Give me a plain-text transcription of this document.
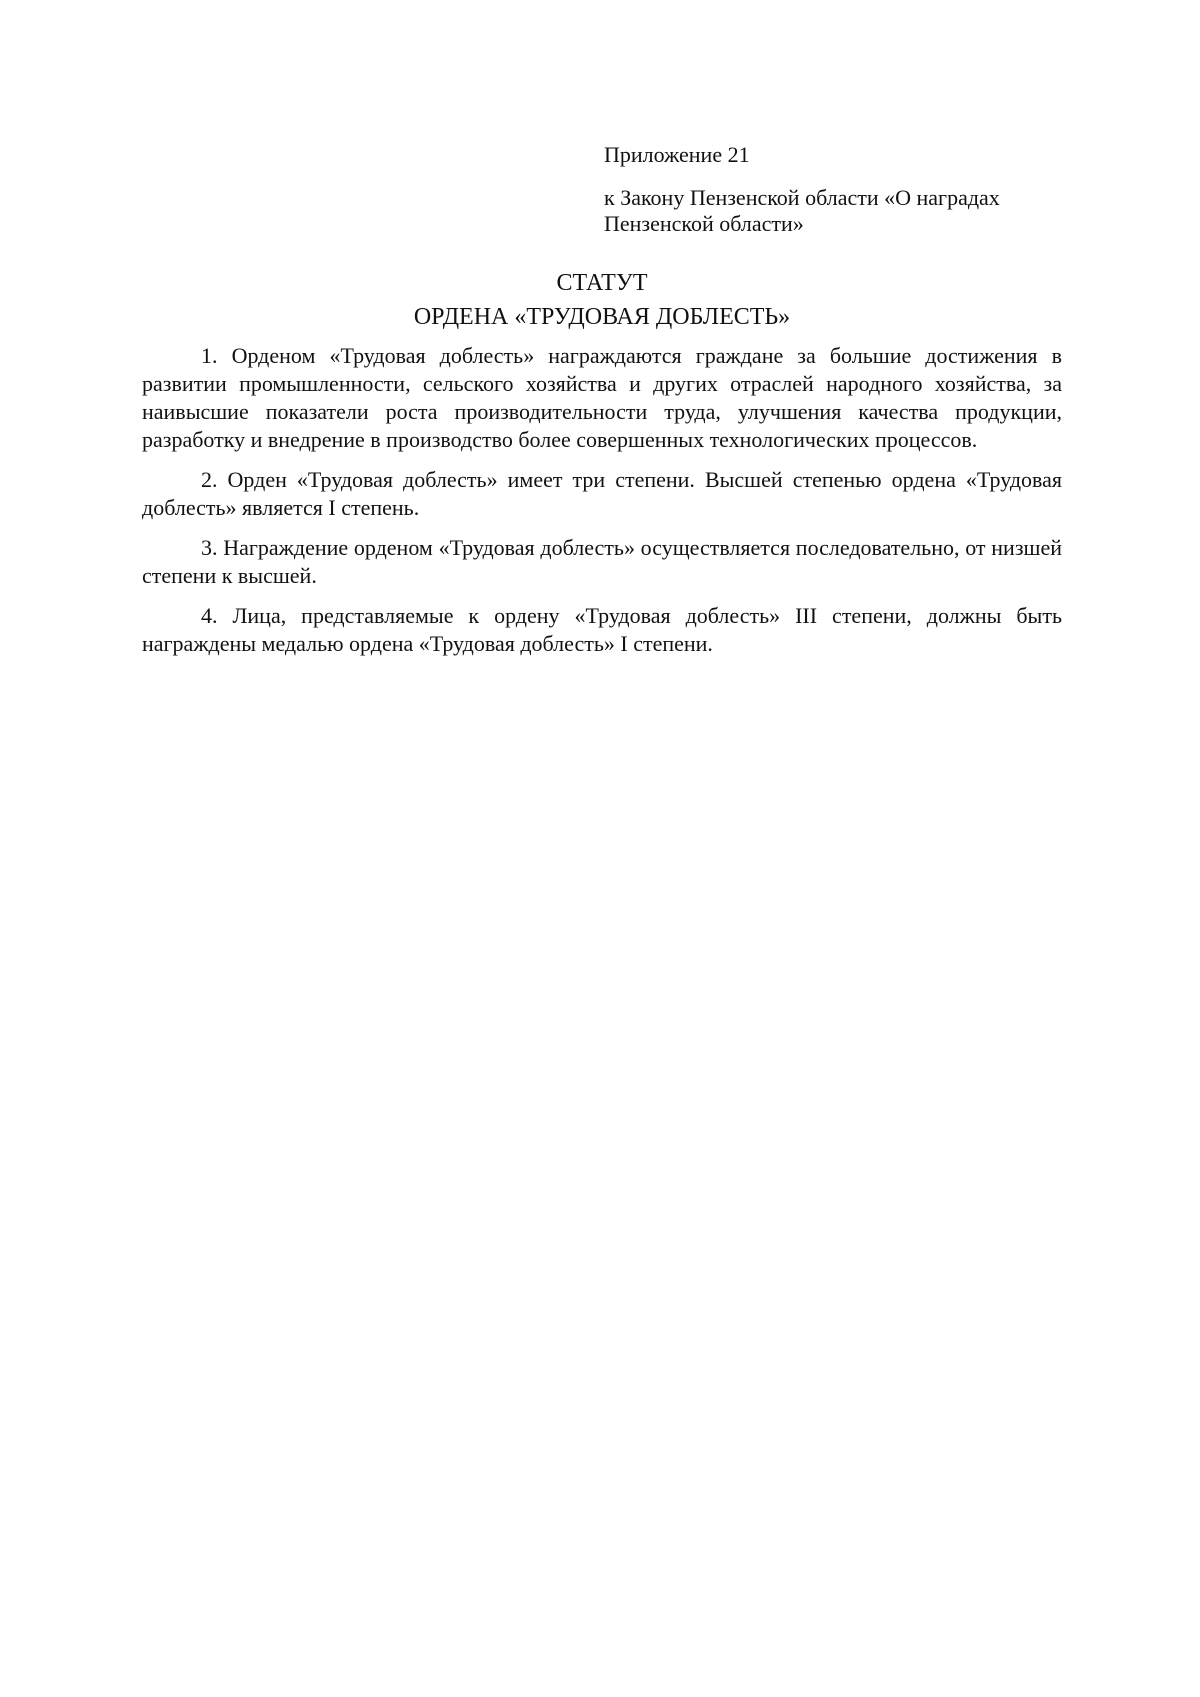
Приложение 21

к Закону Пензенской области «О наградах Пензенской области»

СТАТУТ
ОРДЕНА «ТРУДОВАЯ ДОБЛЕСТЬ»

1. Орденом «Трудовая доблесть» награждаются граждане за большие достижения в развитии промышленности, сельского хозяйства и других отраслей народного хозяйства, за наивысшие показатели роста производительности труда, улучшения качества продукции, разработку и внедрение в производство более совершенных технологических процессов.

2. Орден «Трудовая доблесть» имеет три степени. Высшей степенью ордена «Трудовая доблесть» является I степень.

3. Награждение орденом «Трудовая доблесть» осуществляется последовательно, от низшей степени к высшей.

4. Лица, представляемые к ордену «Трудовая доблесть» III степени, должны быть награждены медалью ордена «Трудовая доблесть» I степени.
